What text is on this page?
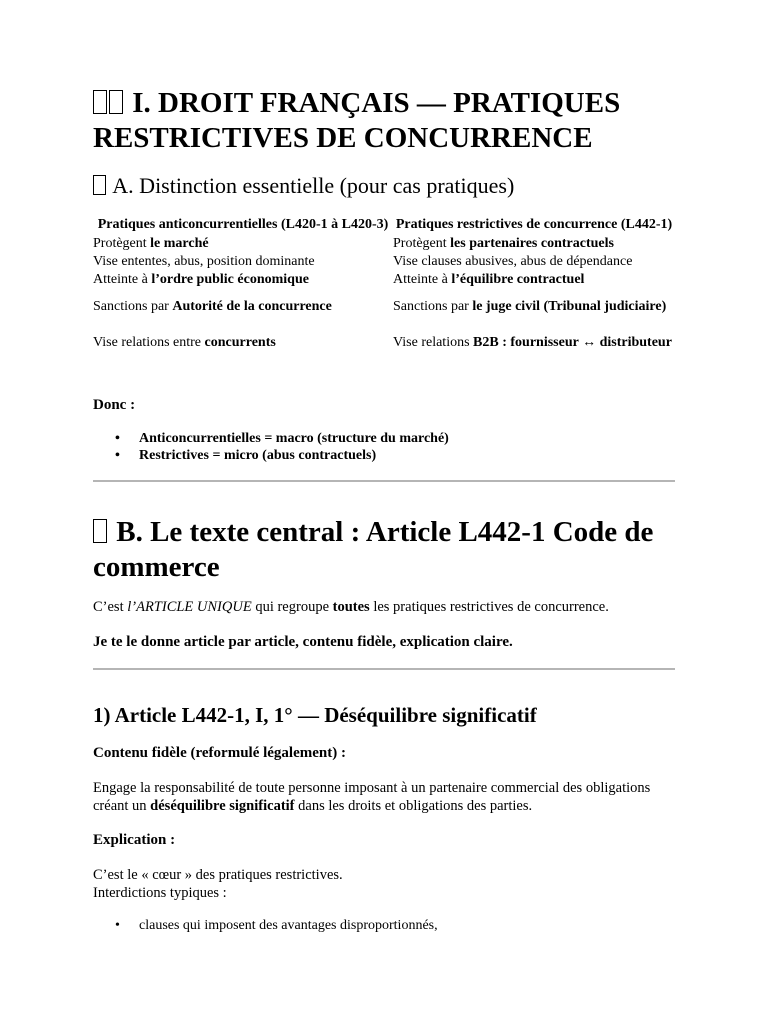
I. DROIT FRANÇAIS — PRATIQUES RESTRICTIVES DE CONCURRENCE
A. Distinction essentielle (pour cas pratiques)
Pratiques anticoncurrentielles (L420-1 à L420-3)	Pratiques restrictives de concurrence (L442-1)
Protègent le marché	Protègent les partenaires contractuels
Vise ententes, abus, position dominante	Vise clauses abusives, abus de dépendance
Atteinte à l’ordre public économique	Atteinte à l’équilibre contractuel
Sanctions par Autorité de la concurrence	Sanctions par le juge civil (Tribunal judiciaire)
Vise relations entre concurrents	Vise relations B2B : fournisseur ↔ distributeur
Donc :
• Anticoncurrentielles = macro (structure du marché)
• Restrictives = micro (abus contractuels)
B. Le texte central : Article L442-1 Code de commerce
C’est l’ARTICLE UNIQUE qui regroupe toutes les pratiques restrictives de concurrence.
Je te le donne article par article, contenu fidèle, explication claire.
1) Article L442-1, I, 1° — Déséquilibre significatif
Contenu fidèle (reformulé légalement) :
Engage la responsabilité de toute personne imposant à un partenaire commercial des obligations créant un déséquilibre significatif dans les droits et obligations des parties.
Explication :
C’est le « cœur » des pratiques restrictives.
Interdictions typiques :
• clauses qui imposent des avantages disproportionnés,
